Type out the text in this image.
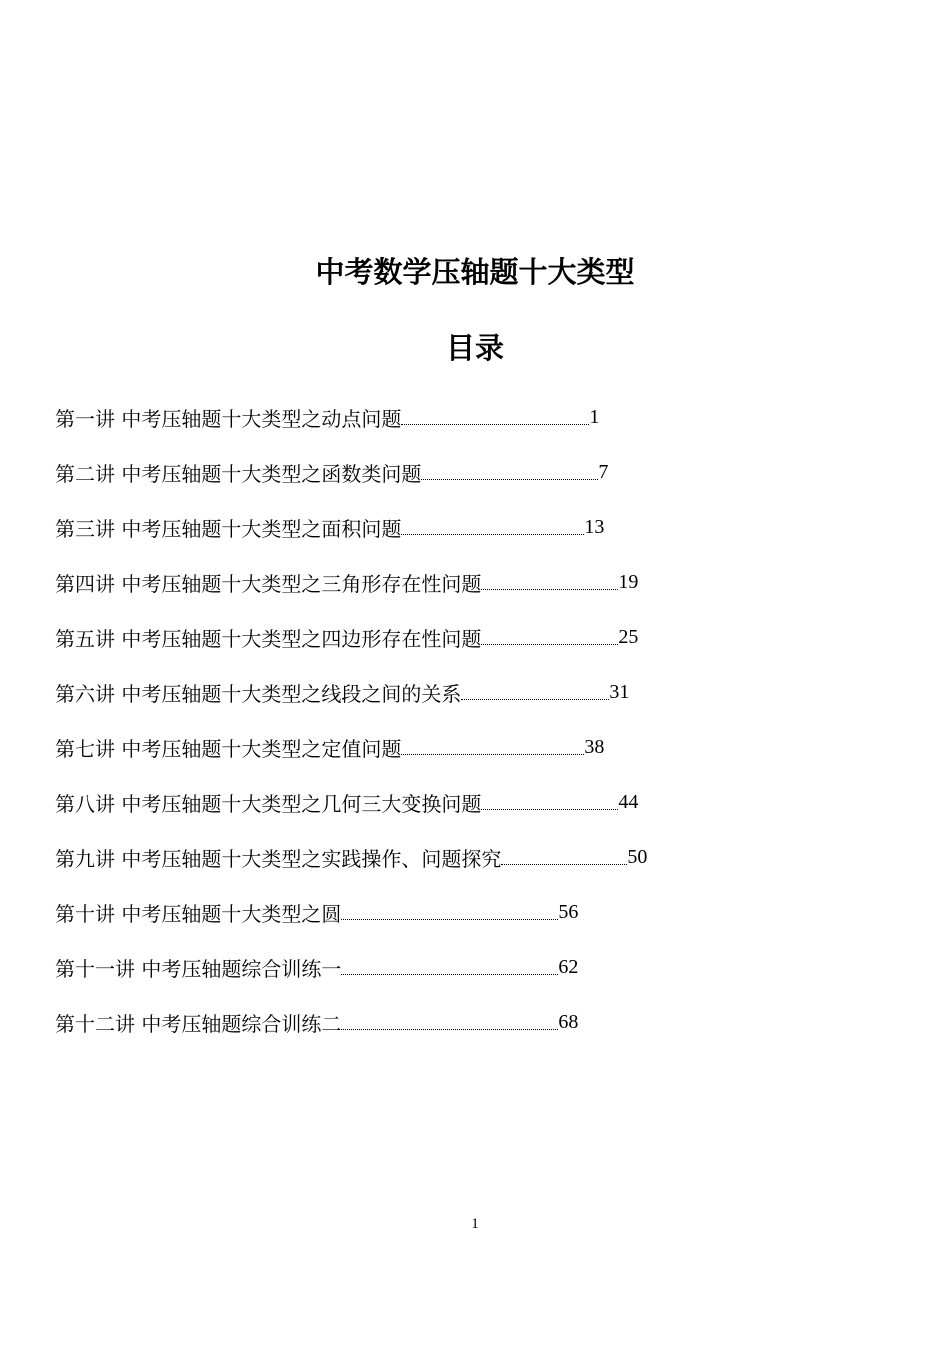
中考数学压轴题十大类型
目录
第一讲 中考压轴题十大类型之动点问题	1
第二讲 中考压轴题十大类型之函数类问题	7
第三讲 中考压轴题十大类型之面积问题	13
第四讲 中考压轴题十大类型之三角形存在性问题	19
第五讲 中考压轴题十大类型之四边形存在性问题	25
第六讲 中考压轴题十大类型之线段之间的关系	31
第七讲 中考压轴题十大类型之定值问题	38
第八讲 中考压轴题十大类型之几何三大变换问题	44
第九讲 中考压轴题十大类型之实践操作、问题探究	50
第十讲 中考压轴题十大类型之圆	56
第十一讲 中考压轴题综合训练一	62
第十二讲 中考压轴题综合训练二	68
1
